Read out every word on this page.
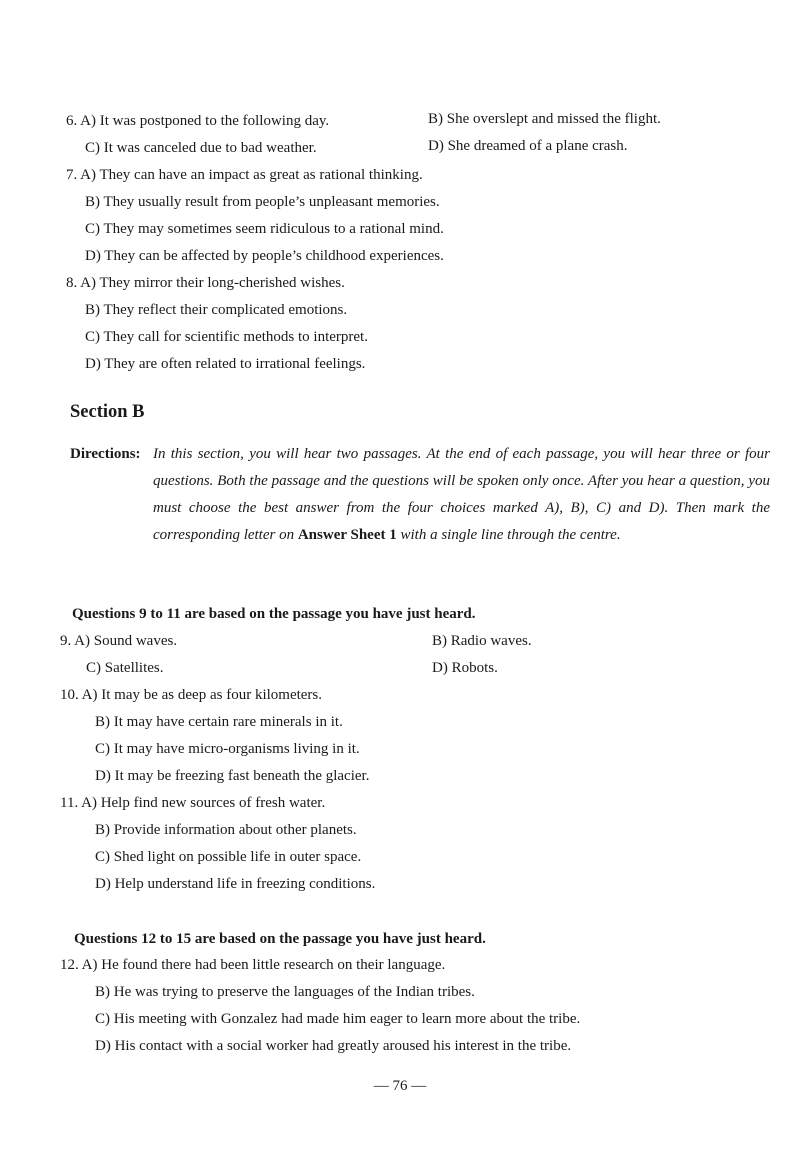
6. A) It was postponed to the following day.	B) She overslept and missed the flight.
C) It was canceled due to bad weather.	D) She dreamed of a plane crash.
7. A) They can have an impact as great as rational thinking.
B) They usually result from people’s unpleasant memories.
C) They may sometimes seem ridiculous to a rational mind.
D) They can be affected by people’s childhood experiences.
8. A) They mirror their long-cherished wishes.
B) They reflect their complicated emotions.
C) They call for scientific methods to interpret.
D) They are often related to irrational feelings.
Section B
Directions: In this section, you will hear two passages. At the end of each passage, you will hear three or four questions. Both the passage and the questions will be spoken only once. After you hear a question, you must choose the best answer from the four choices marked A), B), C) and D). Then mark the corresponding letter on Answer Sheet 1 with a single line through the centre.
Questions 9 to 11 are based on the passage you have just heard.
9. A) Sound waves.	B) Radio waves.
C) Satellites.	D) Robots.
10. A) It may be as deep as four kilometers.
B) It may have certain rare minerals in it.
C) It may have micro-organisms living in it.
D) It may be freezing fast beneath the glacier.
11. A) Help find new sources of fresh water.
B) Provide information about other planets.
C) Shed light on possible life in outer space.
D) Help understand life in freezing conditions.
Questions 12 to 15 are based on the passage you have just heard.
12. A) He found there had been little research on their language.
B) He was trying to preserve the languages of the Indian tribes.
C) His meeting with Gonzalez had made him eager to learn more about the tribe.
D) His contact with a social worker had greatly aroused his interest in the tribe.
— 76 —
